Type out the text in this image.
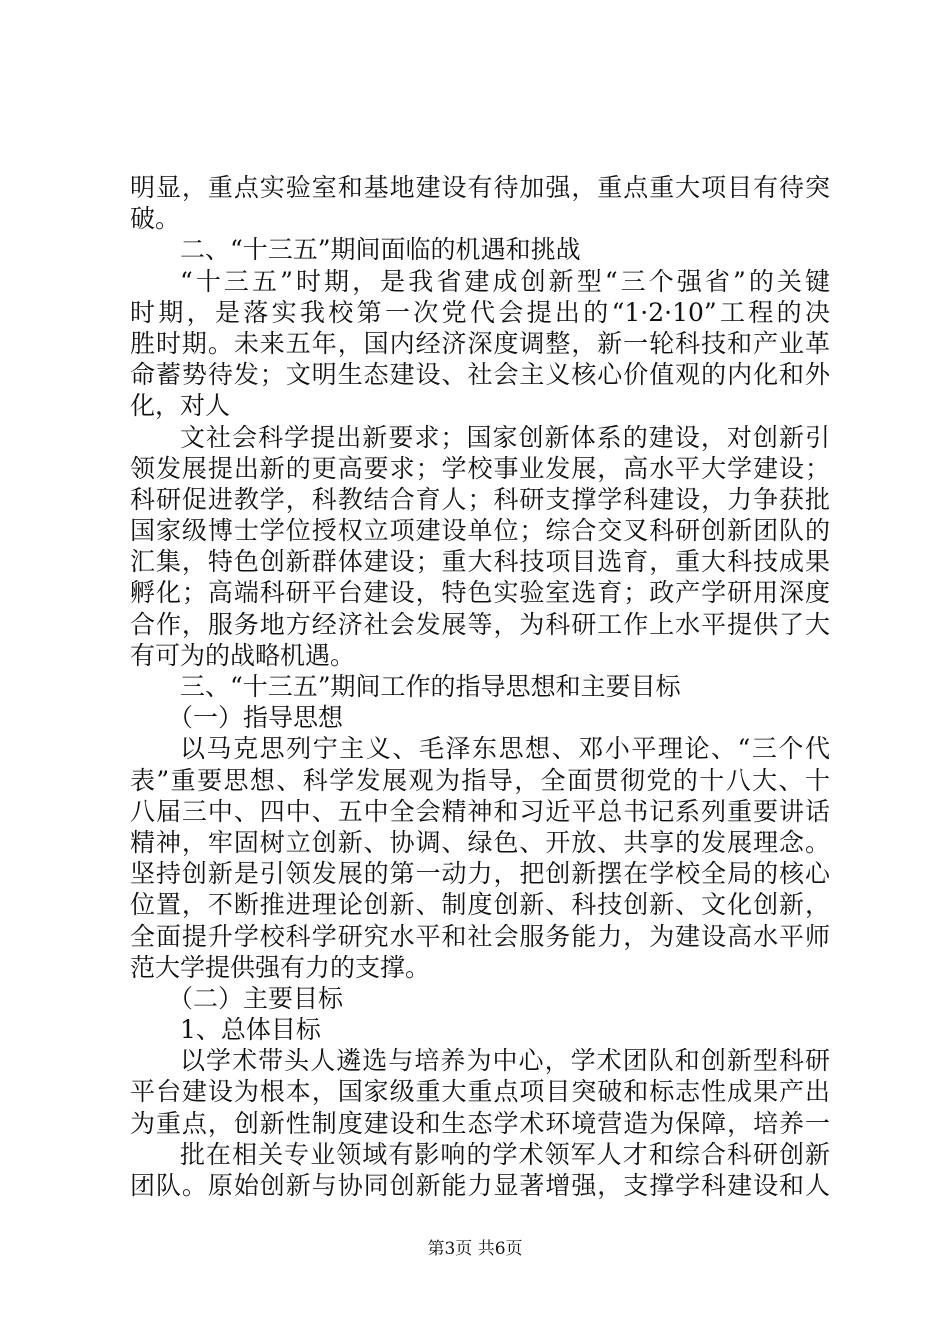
明显，重点实验室和基地建设有待加强，重点重大项目有待突
破。
二、“十三五”期间面临的机遇和挑战
“十三五”时期，是我省建成创新型“三个强省”的关键
时期，是落实我校第一次党代会提出的“1·2·10”工程的决
胜时期。未来五年，国内经济深度调整，新一轮科技和产业革
命蓄势待发；文明生态建设、社会主义核心价值观的内化和外
化，对人
文社会科学提出新要求；国家创新体系的建设，对创新引
领发展提出新的更高要求；学校事业发展，高水平大学建设；
科研促进教学，科教结合育人；科研支撑学科建设，力争获批
国家级博士学位授权立项建设单位；综合交叉科研创新团队的
汇集，特色创新群体建设；重大科技项目选育，重大科技成果
孵化；高端科研平台建设，特色实验室选育；政产学研用深度
合作，服务地方经济社会发展等，为科研工作上水平提供了大
有可为的战略机遇。
三、“十三五”期间工作的指导思想和主要目标
（一）指导思想
以马克思列宁主义、毛泽东思想、邓小平理论、“三个代
表”重要思想、科学发展观为指导，全面贯彻党的十八大、十
八届三中、四中、五中全会精神和习近平总书记系列重要讲话
精神，牢固树立创新、协调、绿色、开放、共享的发展理念。
坚持创新是引领发展的第一动力，把创新摆在学校全局的核心
位置，不断推进理论创新、制度创新、科技创新、文化创新，
全面提升学校科学研究水平和社会服务能力，为建设高水平师
范大学提供强有力的支撑。
（二）主要目标
1、总体目标
以学术带头人遴选与培养为中心，学术团队和创新型科研
平台建设为根本，国家级重大重点项目突破和标志性成果产出
为重点，创新性制度建设和生态学术环境营造为保障，培养一
批在相关专业领域有影响的学术领军人才和综合科研创新
团队。原始创新与协同创新能力显著增强，支撑学科建设和人
第3页 共6页
